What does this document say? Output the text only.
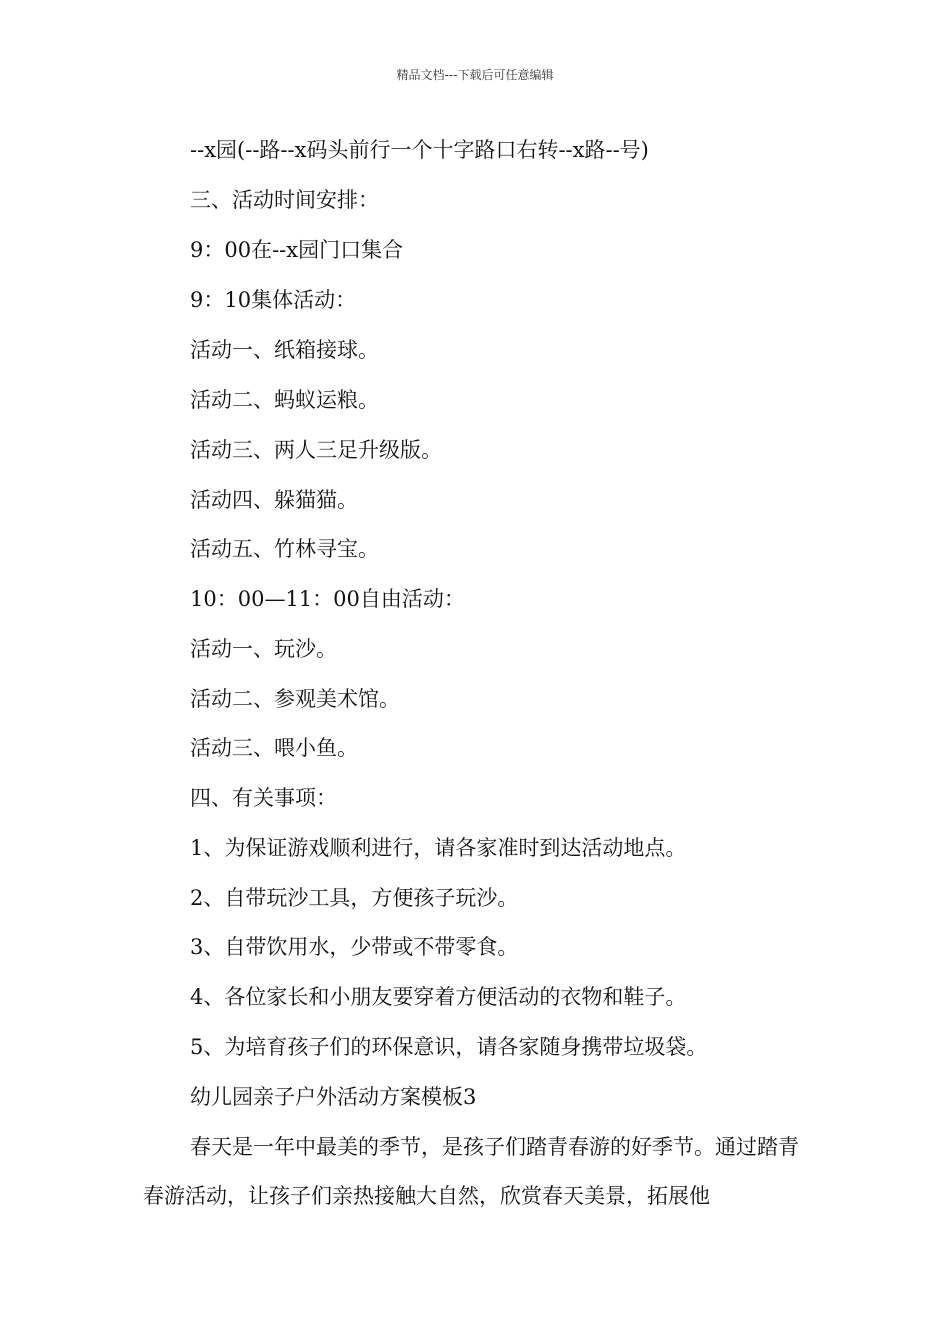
精品文档---下载后可任意编辑
--x园(--路--x码头前行一个十字路口右转--x路--号)
三、活动时间安排：
9：00在--x园门口集合
9：10集体活动：
活动一、纸箱接球。
活动二、蚂蚁运粮。
活动三、两人三足升级版。
活动四、躲猫猫。
活动五、竹林寻宝。
10：00—11：00自由活动：
活动一、玩沙。
活动二、参观美术馆。
活动三、喂小鱼。
四、有关事项：
1、为保证游戏顺利进行，请各家准时到达活动地点。
2、自带玩沙工具，方便孩子玩沙。
3、自带饮用水，少带或不带零食。
4、各位家长和小朋友要穿着方便活动的衣物和鞋子。
5、为培育孩子们的环保意识，请各家随身携带垃圾袋。
幼儿园亲子户外活动方案模板3
春天是一年中最美的季节，是孩子们踏青春游的好季节。通过踏青春游活动，让孩子们亲热接触大自然，欣赏春天美景，拓展他
